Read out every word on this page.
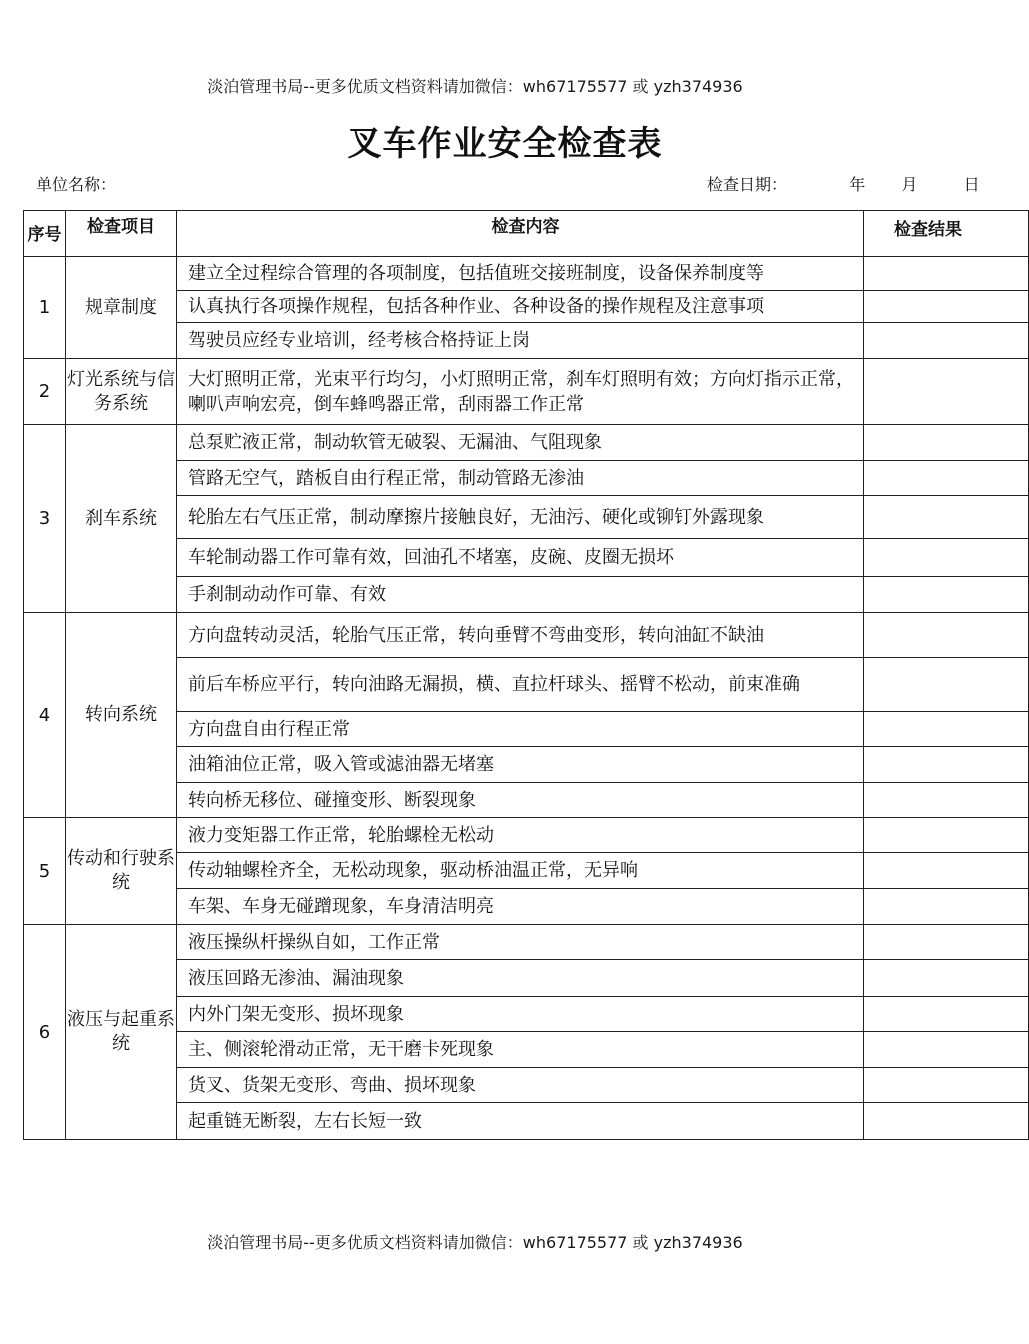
淡泊管理书局--更多优质文档资料请加微信：wh67175577 或 yzh374936
叉车作业安全检查表
单位名称：	检查日期：	年 月	日
序号	检查项目	检查内容	检查结果
1	规章制度	建立全过程综合管理的各项制度，包括值班交接班制度，设备保养制度等	
		认真执行各项操作规程，包括各种作业、各种设备的操作规程及注意事项	
		驾驶员应经专业培训，经考核合格持证上岗	
2	灯光系统与信务系统	大灯照明正常，光束平行均匀，小灯照明正常，刹车灯照明有效；方向灯指示正常，喇叭声响宏亮，倒车蜂鸣器正常，刮雨器工作正常	
3	刹车系统	总泵贮液正常，制动软管无破裂、无漏油、气阻现象	
		管路无空气，踏板自由行程正常，制动管路无渗油	
		轮胎左右气压正常，制动摩擦片接触良好，无油污、硬化或铆钉外露现象	
		车轮制动器工作可靠有效，回油孔不堵塞，皮碗、皮圈无损坏	
		手刹制动动作可靠、有效	
4	转向系统	方向盘转动灵活，轮胎气压正常，转向垂臂不弯曲变形，转向油缸不缺油	
		前后车桥应平行，转向油路无漏损，横、直拉杆球头、摇臂不松动，前束准确	
		方向盘自由行程正常	
		油箱油位正常，吸入管或滤油器无堵塞	
		转向桥无移位、碰撞变形、断裂现象	
5	传动和行驶系统	液力变矩器工作正常，轮胎螺栓无松动	
		传动轴螺栓齐全，无松动现象，驱动桥油温正常，无异响	
		车架、车身无碰蹭现象，车身清洁明亮	
6	液压与起重系统	液压操纵杆操纵自如，工作正常	
		液压回路无渗油、漏油现象	
		内外门架无变形、损坏现象	
		主、侧滚轮滑动正常，无干磨卡死现象	
		货叉、货架无变形、弯曲、损坏现象	
		起重链无断裂，左右长短一致	
淡泊管理书局--更多优质文档资料请加微信：wh67175577 或 yzh374936
